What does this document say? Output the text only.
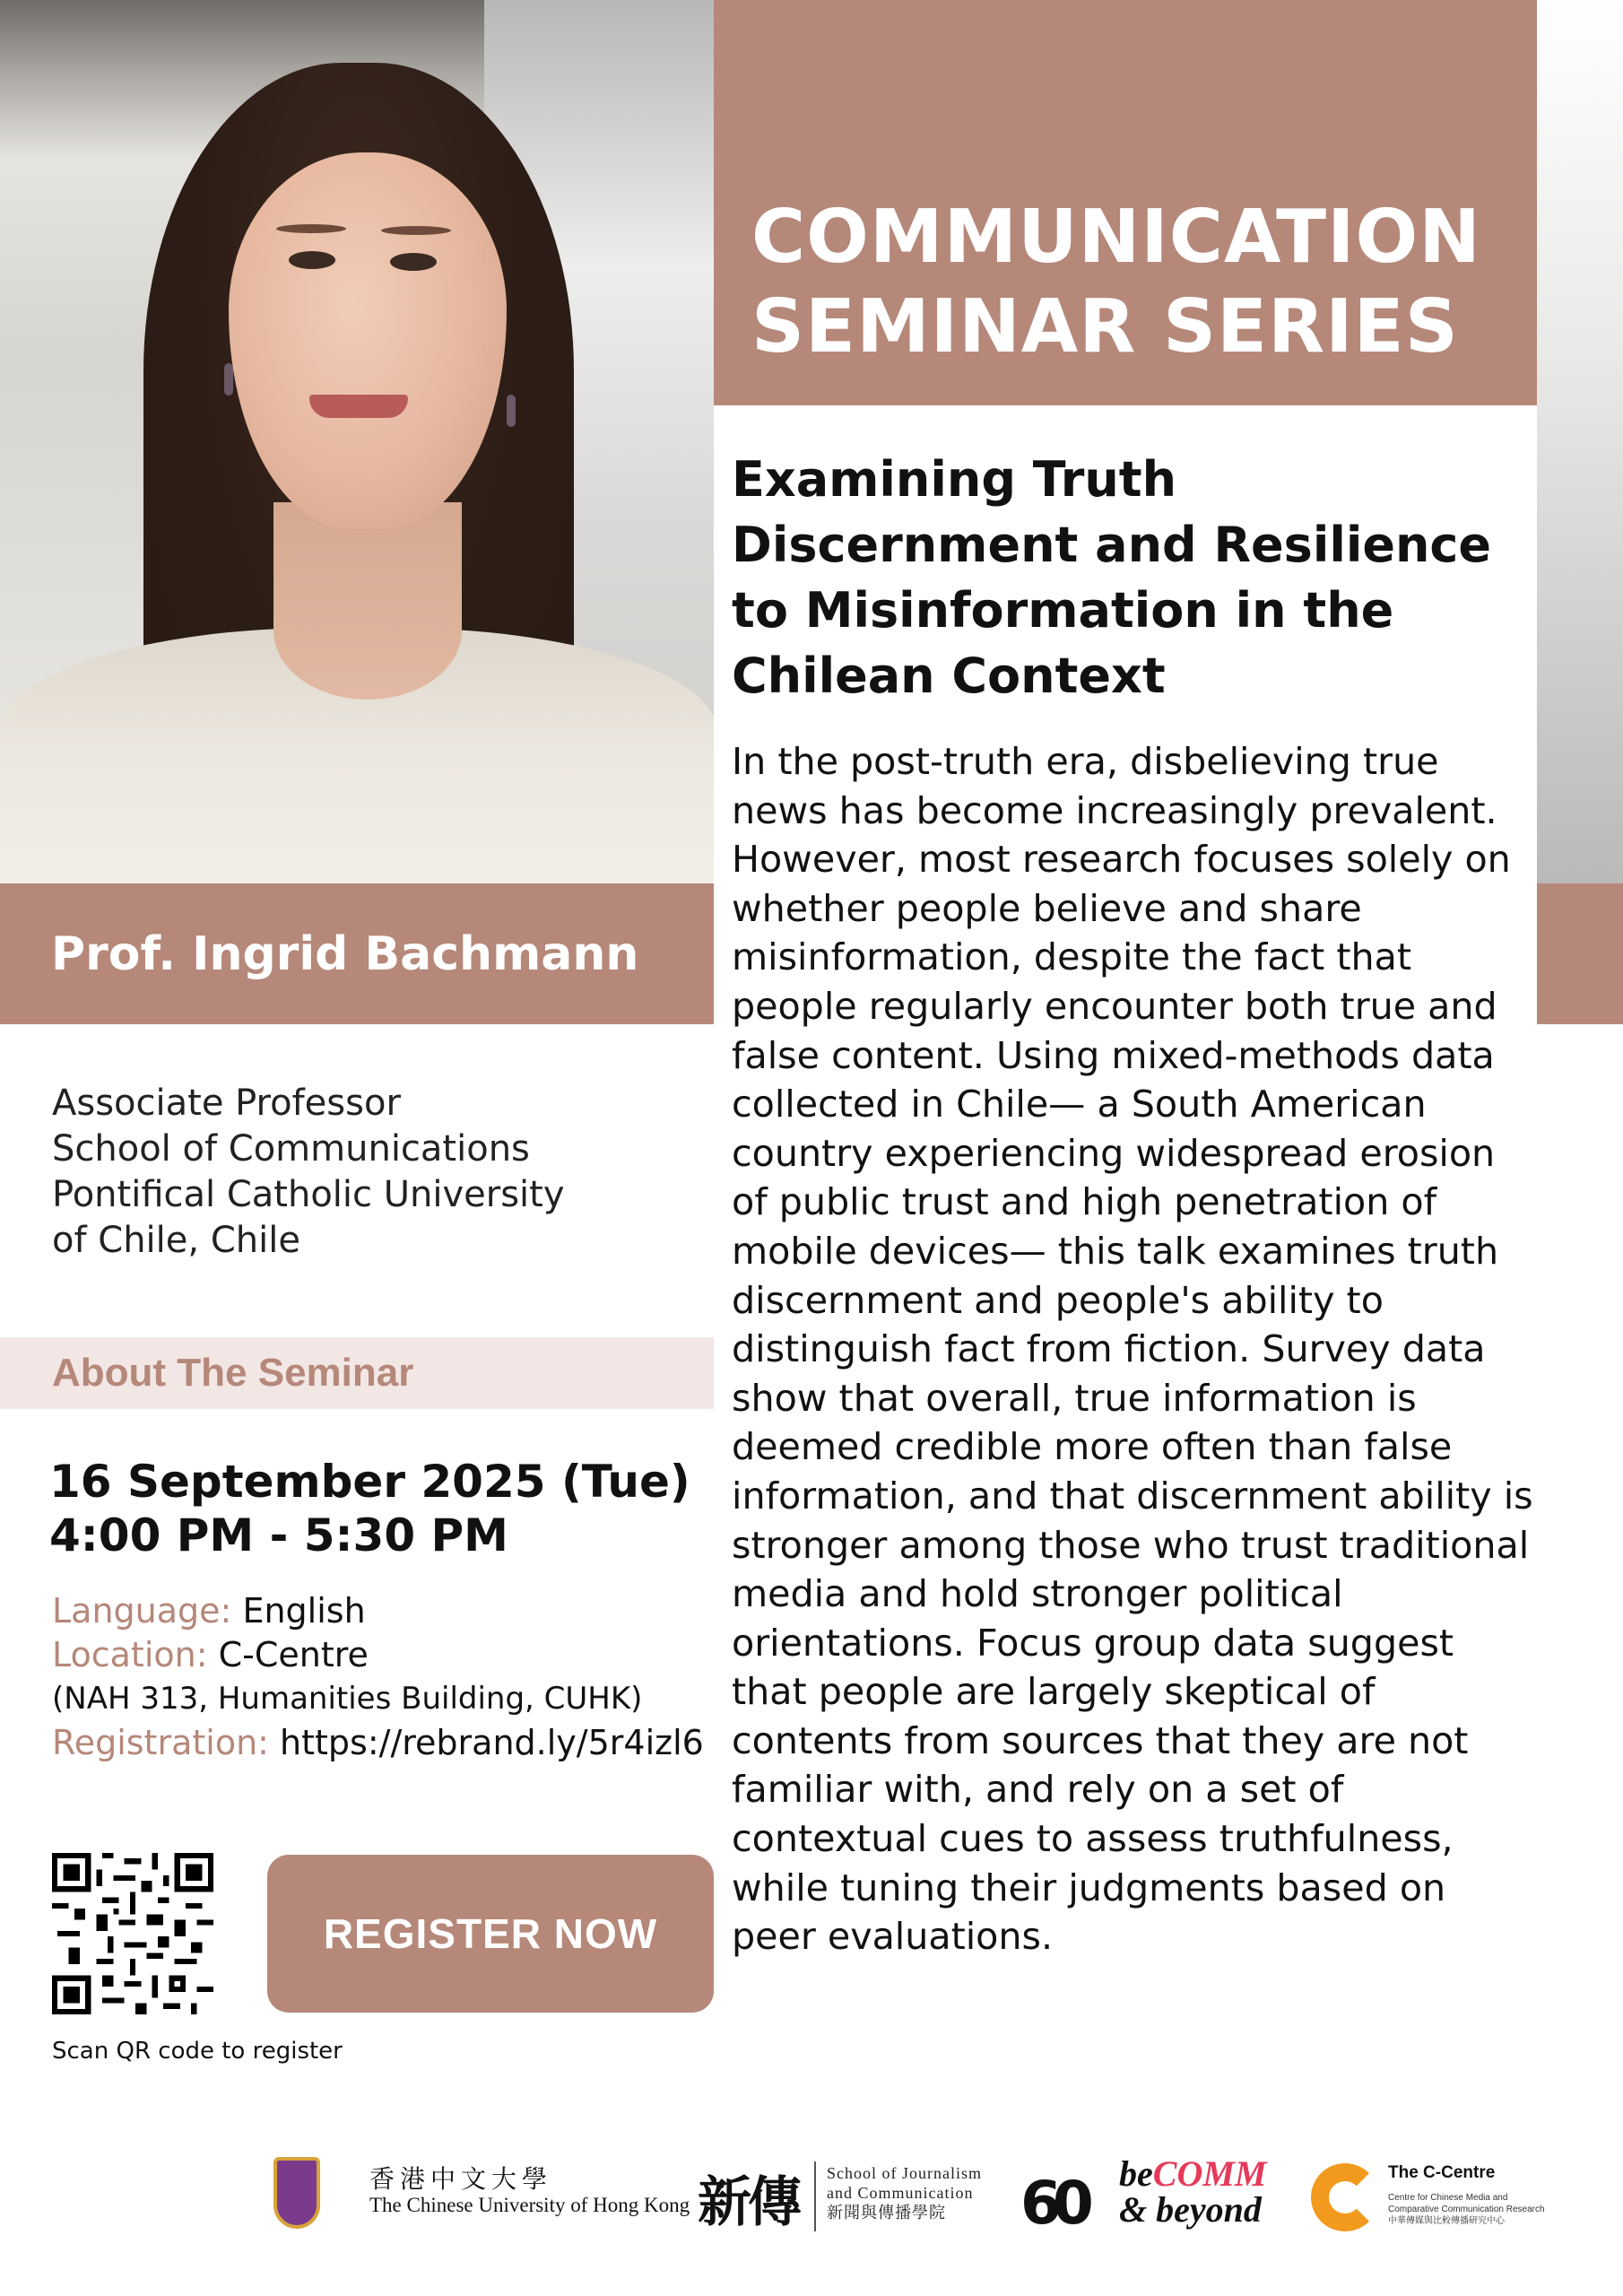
COMMUNICATION
SEMINAR SERIES
Prof. Ingrid Bachmann
Examining Truth Discernment and Resilience to Misinformation in the Chilean Context
In the post-truth era, disbelieving true news has become increasingly prevalent. However, most research focuses solely on whether people believe and share misinformation, despite the fact that people regularly encounter both true and false content. Using mixed-methods data collected in Chile— a South American country experiencing widespread erosion of public trust and high penetration of mobile devices— this talk examines truth discernment and people's ability to distinguish fact from fiction. Survey data show that overall, true information is deemed credible more often than false information, and that discernment ability is stronger among those who trust traditional media and hold stronger political orientations. Focus group data suggest that people are largely skeptical of contents from sources that they are not familiar with, and rely on a set of contextual cues to assess truthfulness, while tuning their judgments based on peer evaluations.
Associate Professor
School of Communications
Pontifical Catholic University
of Chile, Chile
About The Seminar
16 September 2025 (Tue)
4:00 PM - 5:30 PM
Language: English
Location: C-Centre
(NAH 313, Humanities Building, CUHK)
Registration: https://rebrand.ly/5r4izl6
Scan QR code to register
REGISTER NOW
香港中文大學
The Chinese University of Hong Kong 新傳 School of Journalism
and Communication
新聞與傳播學院	60 beCOMM
& beyond
The C-Centre
Centre for Chinese Media and
Comparative Communication Research
中華傳媒與比較傳播研究中心
